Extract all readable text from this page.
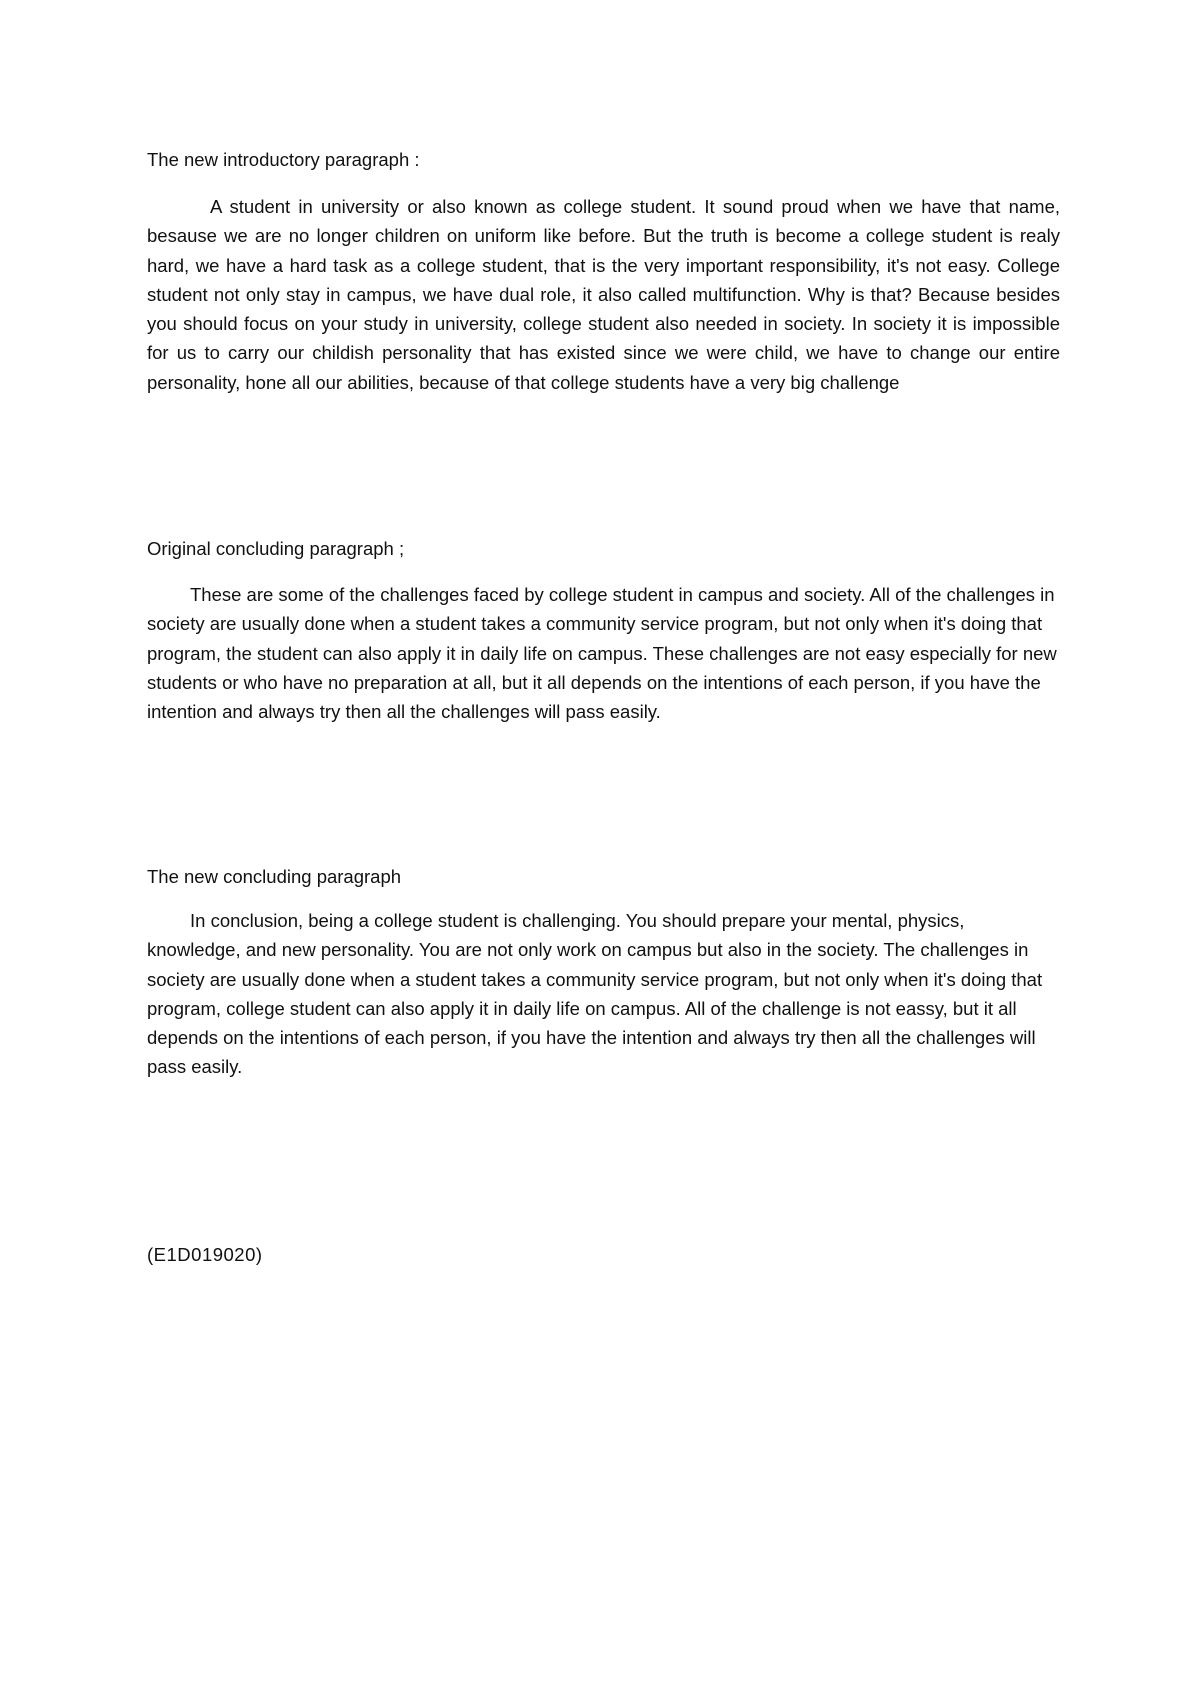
The new introductory paragraph :

A student in university or also known as college student. It sound proud when we have that name, besause we are no longer children on uniform like before. But the truth is become a college student is realy hard, we have a hard task as a college student, that is the very important responsibility, it's not easy. College student not only stay in campus, we have dual role, it also called multifunction. Why is that? Because besides you should focus on your study in university, college student also needed in society. In society it is impossible for us to carry our childish personality that has existed since we were child, we have to change our entire personality, hone all our abilities, because of that college students have a very big challenge

Original concluding paragraph ;

These are some of the challenges faced by college student in campus and society. All of the challenges in society are usually done when a student takes a community service program, but not only when it's doing that program, the student can also apply it in daily life on campus. These challenges are not easy especially for new students or who have no preparation at all, but it all depends on the intentions of each person, if you have the intention and always try then all the challenges will pass easily.

The new concluding paragraph

In conclusion, being a college student is challenging. You should prepare your mental, physics, knowledge, and new personality. You are not only work on campus but also in the society. The challenges in society are usually done when a student takes a community service program, but not only when it's doing that program, college student can also apply it in daily life on campus. All of the challenge is not eassy, but it all depends on the intentions of each person, if you have the intention and always try then all the challenges will pass easily.

(E1D019020)
